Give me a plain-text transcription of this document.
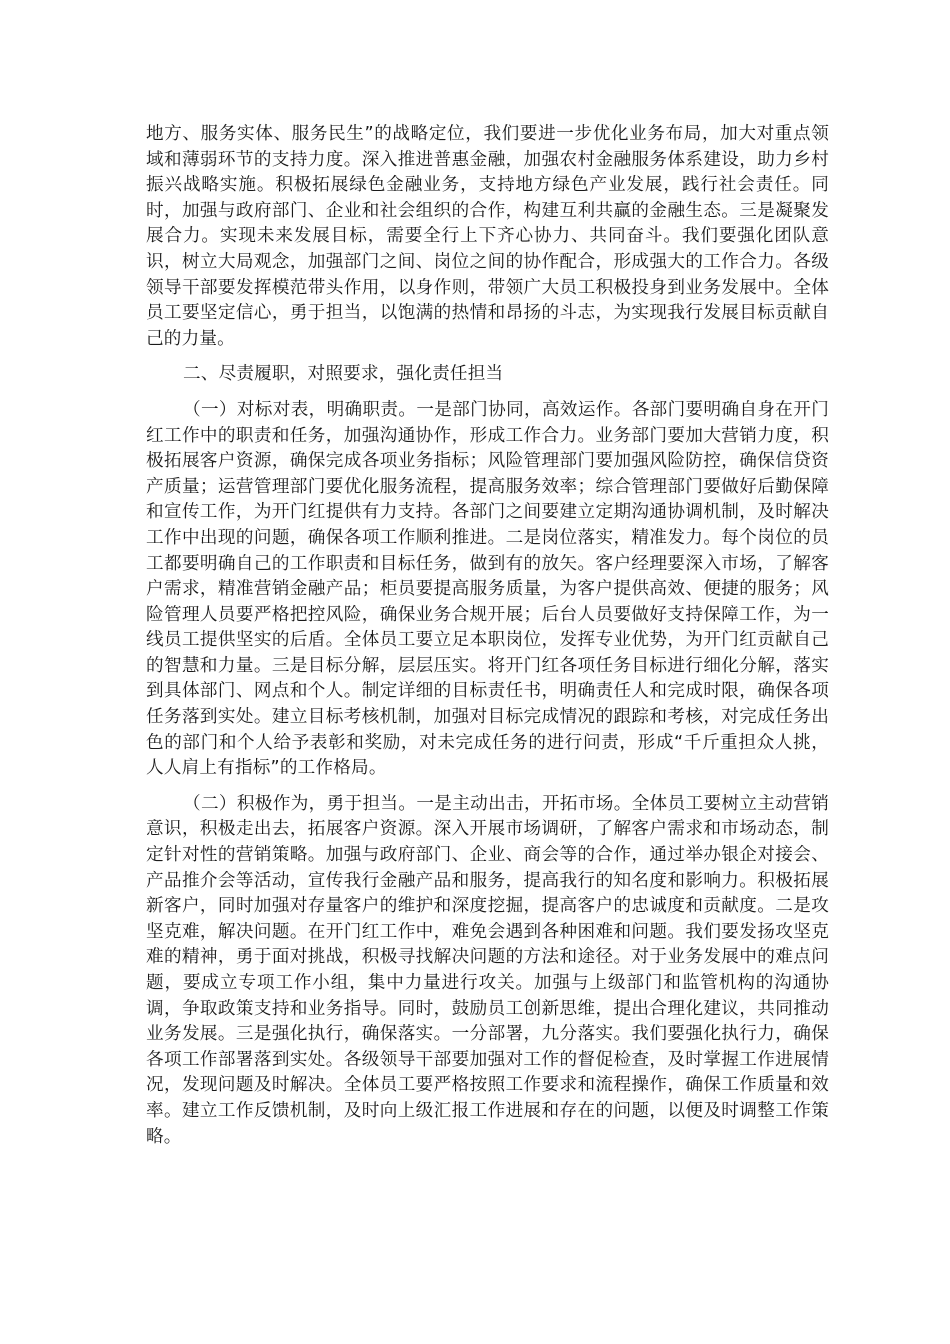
地方、服务实体、服务民生”的战略定位，我们要进一步优化业务布局，加大对重点领域和薄弱环节的支持力度。深入推进普惠金融，加强农村金融服务体系建设，助力乡村振兴战略实施。积极拓展绿色金融业务，支持地方绿色产业发展，践行社会责任。同时，加强与政府部门、企业和社会组织的合作，构建互利共赢的金融生态。三是凝聚发展合力。实现未来发展目标，需要全行上下齐心协力、共同奋斗。我们要强化团队意识，树立大局观念，加强部门之间、岗位之间的协作配合，形成强大的工作合力。各级领导干部要发挥模范带头作用，以身作则，带领广大员工积极投身到业务发展中。全体员工要坚定信心，勇于担当，以饱满的热情和昂扬的斗志，为实现我行发展目标贡献自己的力量。

二、尽责履职，对照要求，强化责任担当

（一）对标对表，明确职责。一是部门协同，高效运作。各部门要明确自身在开门红工作中的职责和任务，加强沟通协作，形成工作合力。业务部门要加大营销力度，积极拓展客户资源，确保完成各项业务指标；风险管理部门要加强风险防控，确保信贷资产质量；运营管理部门要优化服务流程，提高服务效率；综合管理部门要做好后勤保障和宣传工作，为开门红提供有力支持。各部门之间要建立定期沟通协调机制，及时解决工作中出现的问题，确保各项工作顺利推进。二是岗位落实，精准发力。每个岗位的员工都要明确自己的工作职责和目标任务，做到有的放矢。客户经理要深入市场，了解客户需求，精准营销金融产品；柜员要提高服务质量，为客户提供高效、便捷的服务；风险管理人员要严格把控风险，确保业务合规开展；后台人员要做好支持保障工作，为一线员工提供坚实的后盾。全体员工要立足本职岗位，发挥专业优势，为开门红贡献自己的智慧和力量。三是目标分解，层层压实。将开门红各项任务目标进行细化分解，落实到具体部门、网点和个人。制定详细的目标责任书，明确责任人和完成时限，确保各项任务落到实处。建立目标考核机制，加强对目标完成情况的跟踪和考核，对完成任务出色的部门和个人给予表彰和奖励，对未完成任务的进行问责，形成“千斤重担众人挑，人人肩上有指标”的工作格局。

（二）积极作为，勇于担当。一是主动出击，开拓市场。全体员工要树立主动营销意识，积极走出去，拓展客户资源。深入开展市场调研，了解客户需求和市场动态，制定针对性的营销策略。加强与政府部门、企业、商会等的合作，通过举办银企对接会、产品推介会等活动，宣传我行金融产品和服务，提高我行的知名度和影响力。积极拓展新客户，同时加强对存量客户的维护和深度挖掘，提高客户的忠诚度和贡献度。二是攻坚克难，解决问题。在开门红工作中，难免会遇到各种困难和问题。我们要发扬攻坚克难的精神，勇于面对挑战，积极寻找解决问题的方法和途径。对于业务发展中的难点问题，要成立专项工作小组，集中力量进行攻关。加强与上级部门和监管机构的沟通协调，争取政策支持和业务指导。同时，鼓励员工创新思维，提出合理化建议，共同推动业务发展。三是强化执行，确保落实。一分部署，九分落实。我们要强化执行力，确保各项工作部署落到实处。各级领导干部要加强对工作的督促检查，及时掌握工作进展情况，发现问题及时解决。全体员工要严格按照工作要求和流程操作，确保工作质量和效率。建立工作反馈机制，及时向上级汇报工作进展和存在的问题，以便及时调整工作策略。
